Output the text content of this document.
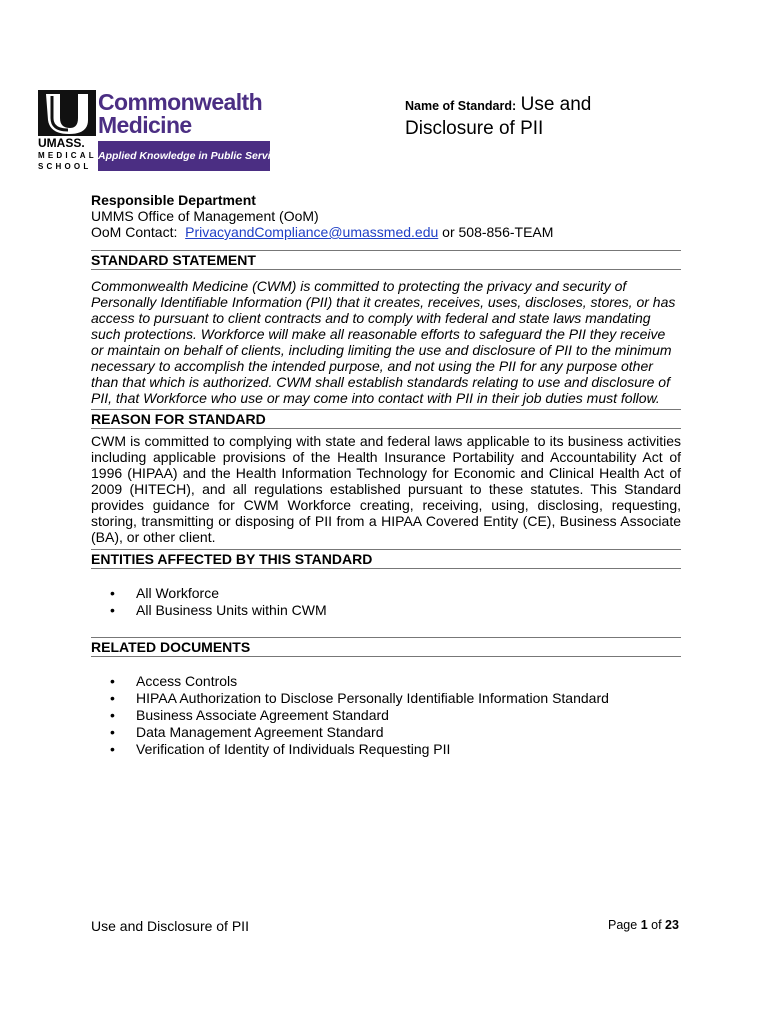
Commonwealth
Medicine
UMASS.
MEDICAL SCHOOL
Applied Knowledge in Public Service
Name of Standard: Use and
Disclosure of PII
Responsible Department
UMMS Office of Management (OoM)
OoM Contact: PrivacyandCompliance@umassmed.edu or 508-856-TEAM
STANDARD STATEMENT
Commonwealth Medicine (CWM) is committed to protecting the privacy and security of Personally Identifiable Information (PII) that it creates, receives, uses, discloses, stores, or has access to pursuant to client contracts and to comply with federal and state laws mandating such protections. Workforce will make all reasonable efforts to safeguard the PII they receive or maintain on behalf of clients, including limiting the use and disclosure of PII to the minimum necessary to accomplish the intended purpose, and not using the PII for any purpose other than that which is authorized. CWM shall establish standards relating to use and disclosure of PII, that Workforce who use or may come into contact with PII in their job duties must follow.
REASON FOR STANDARD
CWM is committed to complying with state and federal laws applicable to its business activities including applicable provisions of the Health Insurance Portability and Accountability Act of 1996 (HIPAA) and the Health Information Technology for Economic and Clinical Health Act of 2009 (HITECH), and all regulations established pursuant to these statutes. This Standard provides guidance for CWM Workforce creating, receiving, using, disclosing, requesting, storing, transmitting or disposing of PII from a HIPAA Covered Entity (CE), Business Associate (BA), or other client.
ENTITIES AFFECTED BY THIS STANDARD
• All Workforce
• All Business Units within CWM
RELATED DOCUMENTS
• Access Controls
• HIPAA Authorization to Disclose Personally Identifiable Information Standard
• Business Associate Agreement Standard
• Data Management Agreement Standard
• Verification of Identity of Individuals Requesting PII
Use and Disclosure of PII	Page 1 of 23
